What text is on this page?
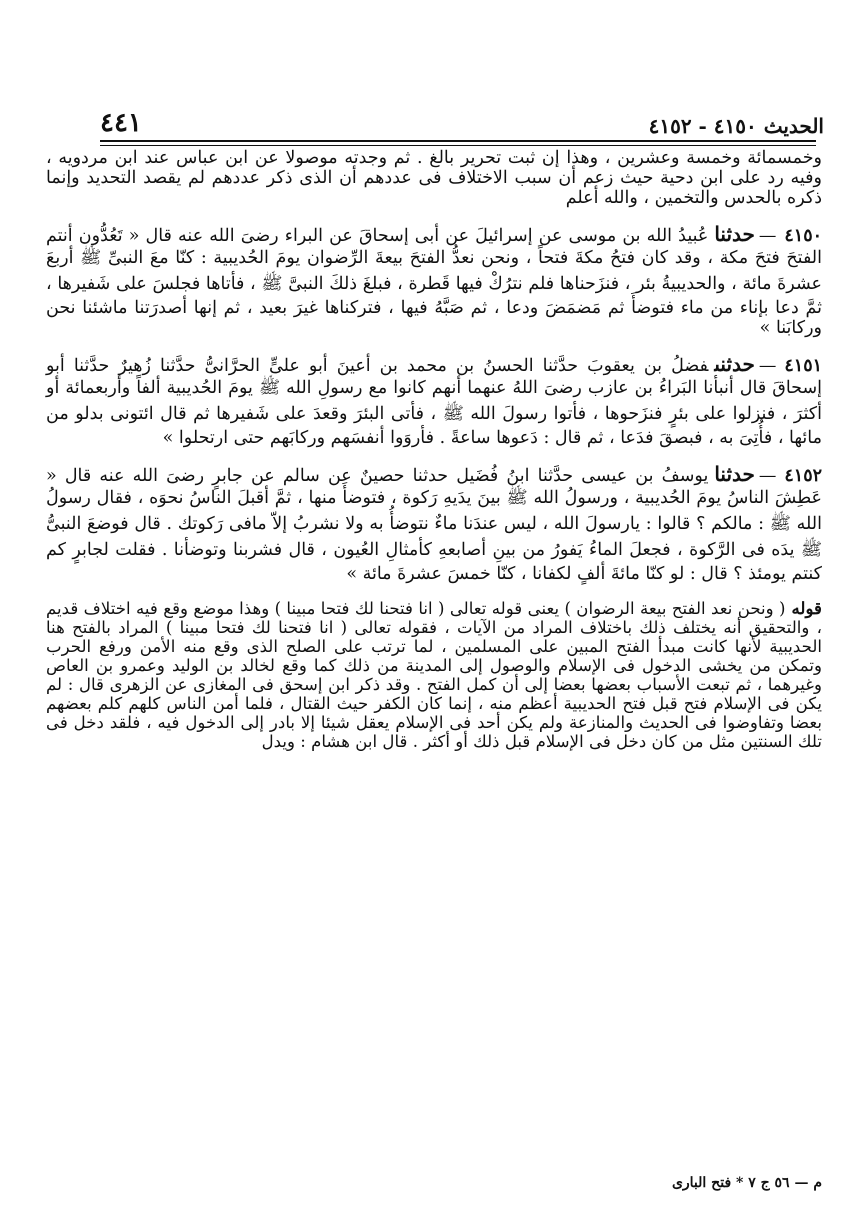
الحديث ٤١٥٠ - ٤١٥٢
٤٤١

وخمسمائة وخمسة وعشرين ، وهذا إن ثبت تحرير بالغ . ثم وجدته موصولا عن ابن عباس عند ابن مردويه ، وفيه رد على ابن دحية حيث زعم أن سبب الاختلاف فى عددهم أن الذى ذكر عددهم لم يقصد التحديد وإنما ذكره بالحدس والتخمين ، والله أعلم

٤١٥٠—حدثناعُبيدُ الله بن موسى عن إسرائيلَ عن أبى إسحاقَ عن البراء رضىَ الله عنه قال « تَعُدُّون أنتم الفتحَ فتحَ مكة ، وقد كان فتحُ مكةَ فتحاً ، ونحن نعدُّ الفتحَ بيعةَ الرِّضوان يومَ الحُديبية : كنّا معَ النبىِّ ﷺ أربعَ عشرةَ مائة ، والحديبيةُ بئر ، فنزَحناها فلم نترُكْ فيها قَطرة ، فبلغَ ذلكَ النبىَّ ﷺ ، فأتاها فجلسَ على شَفيرها ، ثمَّ دعا بإناء من ماء فتوضأَ ثم مَضمَضَ ودعا ، ثم صَبَّهُ فيها ، فتركناها غيرَ بعيد ، ثم إنها أصدرَتنا ماشئنا نحن وركابَنا »

٤١٥١—حدثنىفضلُ بن يعقوبَ حدَّثنا الحسنُ بن محمد بن أعينَ أبو علىٍّ الحرَّانىُّ حدَّثنا زُهيرٌ حدَّثنا أبو إسحاقَ قال أنبأنا البَراءُ بن عازب رضىَ اللهُ عنهما أنهم كانوا مع رسولِ الله ﷺ يومَ الحُديبية ألفاً وأربعمائة أو أكثرَ ، فنزلوا على بئرٍ فنزَحوها ، فأتوا رسولَ الله ﷺ ، فأتى البئرَ وقعدَ على شَفيرها ثم قال ائتونى بدلو من مائها ، فأُتِىَ به ، فبصقَ فدَعا ، ثم قال : دَعوها ساعةً . فأروَوا أنفسَهم وركابَهم حتى ارتحلوا »

٤١٥٢—حدثنايوسفُ بن عيسى حدَّثنا ابنُ فُضَيل حدثنا حصينٌ عن سالم عن جابرٍ رضىَ الله عنه قال « عَطِشَ الناسُ يومَ الحُديبية ، ورسولُ الله ﷺ بينَ يدَيهِ رَكوة ، فتوضأَ منها ، ثمَّ أقبلَ الناسُ نحوَه ، فقال رسولُ الله ﷺ : مالكم ؟ قالوا : يارسولَ الله ، ليس عندَنا ماءٌ نتوضأُ به ولا نشربُ إلاّ مافى رَكوتك . قال فوضعَ النبىُّ ﷺ يدَه فى الرَّكوة ، فجعلَ الماءُ يَفورُ من بينِ أصابعهِ كأمثالِ العُيون ، قال فشربنا وتوضأنا . فقلت لجابرٍ كم كنتم يومئذ ؟ قال : لو كنّا مائةَ ألفٍ لكفانا ، كنّا خمسَ عشرةَ مائة »

قوله( ونحن نعد الفتح بيعة الرضوان ) يعنى قوله تعالى ( انا فتحنا لك فتحا مبينا ) وهذا موضع وقع فيه اختلاف قديم ، والتحقيق أنه يختلف ذلك باختلاف المراد من الآيات ، فقوله تعالى ( انا فتحنا لك فتحا مبينا ) المراد بالفتح هنا الحديبية لأنها كانت مبدأ الفتح المبين على المسلمين ، لما ترتب على الصلح الذى وقع منه الأمن ورفع الحرب وتمكن من يخشى الدخول فى الإسلام والوصول إلى المدينة من ذلك كما وقع لخالد بن الوليد وعمرو بن العاص وغيرهما ، ثم تبعت الأسباب بعضها بعضا إلى أن كمل الفتح . وقد ذكر ابن إسحق فى المغازى عن الزهرى قال : لم يكن فى الإسلام فتح قبل فتح الحديبية أعظم منه ، إنما كان الكفر حيث القتال ، فلما أمن الناس كلهم كلم بعضهم بعضا وتفاوضوا فى الحديث والمنازعة ولم يكن أحد فى الإسلام يعقل شيئا إلا بادر إلى الدخول فيه ، فلقد دخل فى تلك السنتين مثل من كان دخل فى الإسلام قبل ذلك أو أكثر . قال ابن هشام : ويدل

م — ٥٦ ج ٧ * فتح البارى
